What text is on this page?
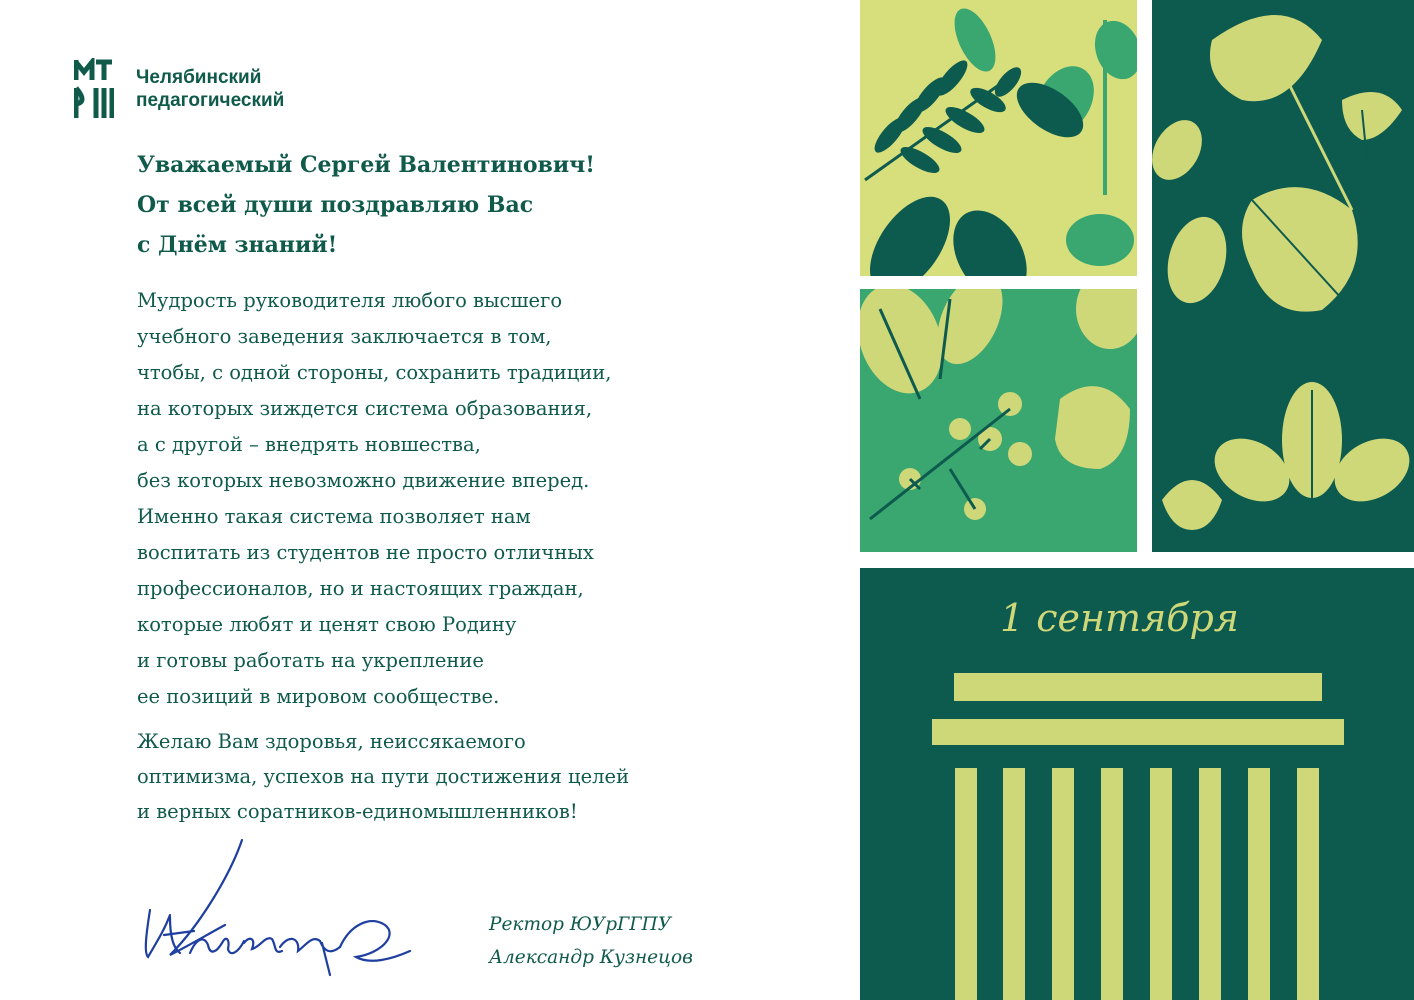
Челябинский
педагогический
Уважаемый Сергей Валентинович!
От всей души поздравляю Вас
с Днём знаний!
Мудрость руководителя любого высшего
учебного заведения заключается в том,
чтобы, с одной стороны, сохранить традиции,
на которых зиждется система образования,
а с другой – внедрять новшества,
без которых невозможно движение вперед.
Именно такая система позволяет нам
воспитать из студентов не просто отличных
профессионалов, но и настоящих граждан,
которые любят и ценят свою Родину
и готовы работать на укрепление
ее позиций в мировом сообществе.
Желаю Вам здоровья, неиссякаемого
оптимизма, успехов на пути достижения целей
и верных соратников-единомышленников!
Ректор ЮУрГГПУ
Александр Кузнецов
1 сентября
